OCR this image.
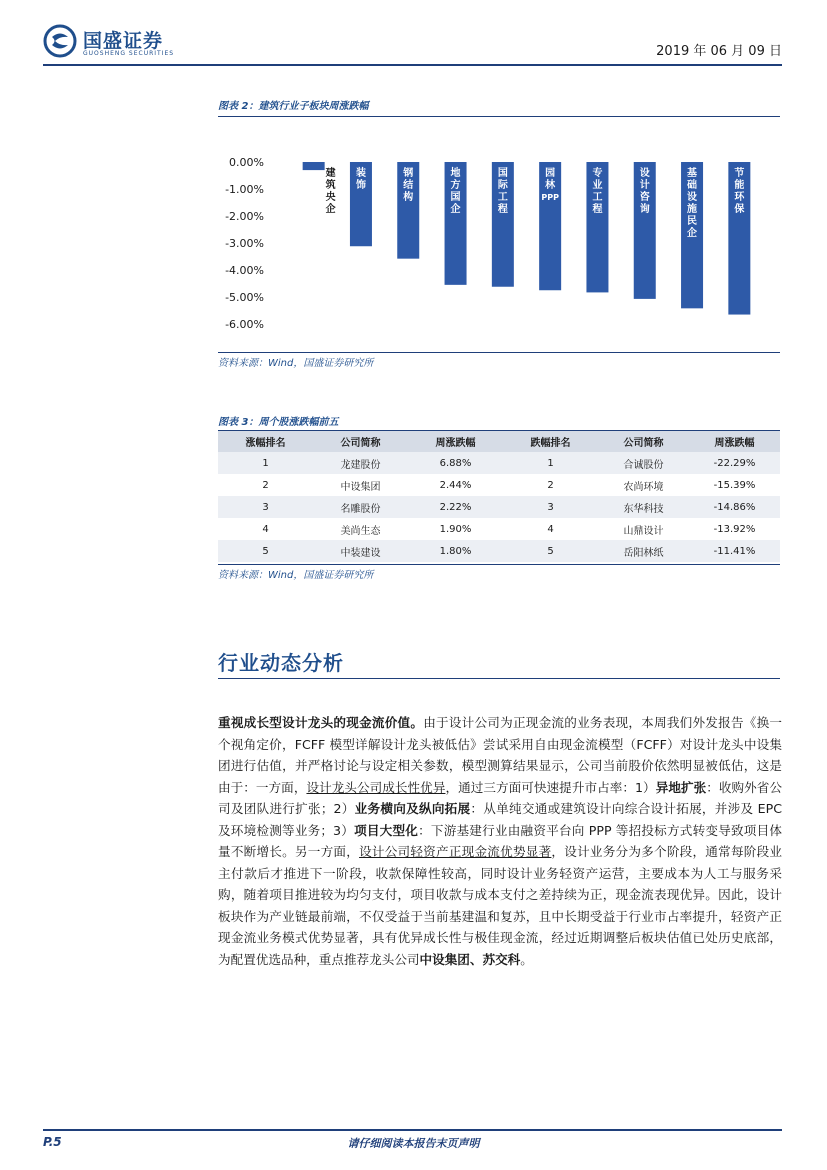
国盛证券
GUOSHENG SECURITIES	2019 年 06 月 09 日
图表 2：建筑行业子板块周涨跌幅
0.00%
-1.00%
-2.00%
-3.00%
-4.00%
-5.00%
-6.00%
建筑央企
装饰
钢结构
地方国企
国际工程
园林 PPP
专业工程
设计咨询
基础设施民企
节能环保
资料来源：Wind，国盛证券研究所
图表 3：周个股涨跌幅前五
涨幅排名	公司简称	周涨跌幅	跌幅排名	公司简称	周涨跌幅
1	龙建股份	6.88%	1	合诚股份	-22.29%
2	中设集团	2.44%	2	农尚环境	-15.39%
3	名雕股份	2.22%	3	东华科技	-14.86%
4	美尚生态	1.90%	4	山鼎设计	-13.92%
5	中装建设	1.80%	5	岳阳林纸	-11.41%
资料来源：Wind，国盛证券研究所
行业动态分析
重视成长型设计龙头的现金流价值。由于设计公司为正现金流的业务表现，本周我们外发报告《换一个视角定价，FCFF 模型详解设计龙头被低估》尝试采用自由现金流模型（FCFF）对设计龙头中设集团进行估值，并严格讨论与设定相关参数，模型测算结果显示，公司当前股价依然明显被低估，这是由于：一方面，设计龙头公司成长性优异，通过三方面可快速提升市占率：1）异地扩张：收购外省公司及团队进行扩张；2）业务横向及纵向拓展：从单纯交通或建筑设计向综合设计拓展，并涉及 EPC 及环境检测等业务；3）项目大型化：下游基建行业由融资平台向 PPP 等招投标方式转变导致项目体量不断增长。另一方面，设计公司轻资产正现金流优势显著，设计业务分为多个阶段，通常每阶段业主付款后才推进下一阶段，收款保障性较高，同时设计业务轻资产运营，主要成本为人工与服务采购，随着项目推进较为均匀支付，项目收款与成本支付之差持续为正，现金流表现优异。因此，设计板块作为产业链最前端，不仅受益于当前基建温和复苏，且中长期受益于行业市占率提升，轻资产正现金流业务模式优势显著，具有优异成长性与极佳现金流，经过近期调整后板块估值已处历史底部，为配置优选品种，重点推荐龙头公司中设集团、苏交科。
P.5	请仔细阅读本报告末页声明
